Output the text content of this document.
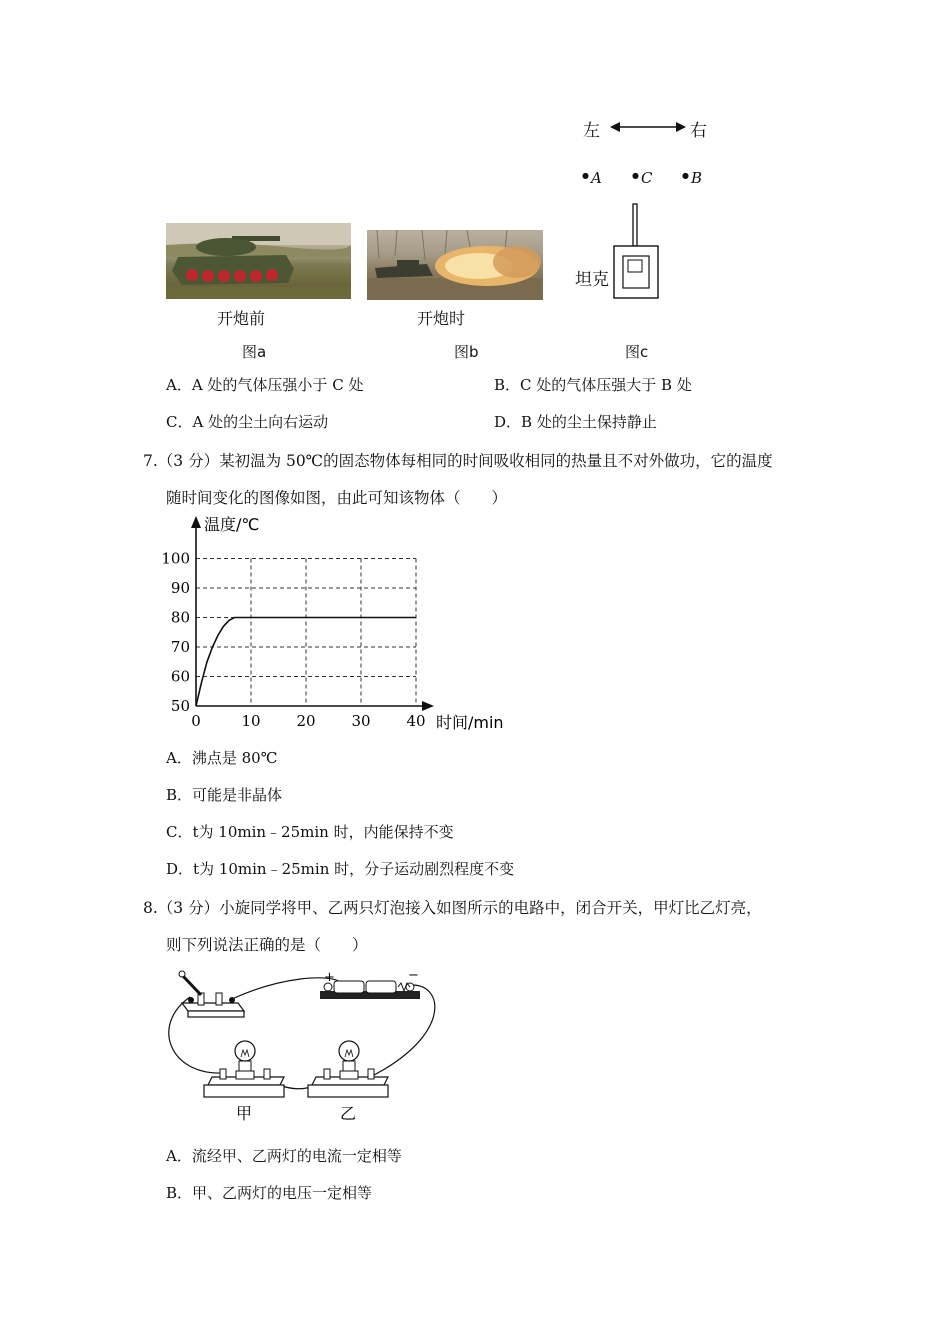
左	右
● A	● C	● B
坦克
开炮前
图a
开炮时
图b	图c
A．A 处的气体压强小于 C 处	B．C 处的气体压强大于 B 处
C．A 处的尘土向右运动	D．B 处的尘土保持静止
7.（3 分）某初温为 50℃的固态物体每相同的时间吸收相同的热量且不对外做功，它的温度
随时间变化的图像如图，由此可知该物体（　　）
0	10 20 30 40
50
60
70
80
90
100
温度/℃
时间/min
A．沸点是 80℃
B．可能是非晶体
C．t为 10min﹣25min 时，内能保持不变
D．t为 10min﹣25min 时，分子运动剧烈程度不变
8.（3 分）小旋同学将甲、乙两只灯泡接入如图所示的电路中，闭合开关，甲灯比乙灯亮，
则下列说法正确的是（　　）
+	−
甲	乙
A．流经甲、乙两灯的电流一定相等
B．甲、乙两灯的电压一定相等
